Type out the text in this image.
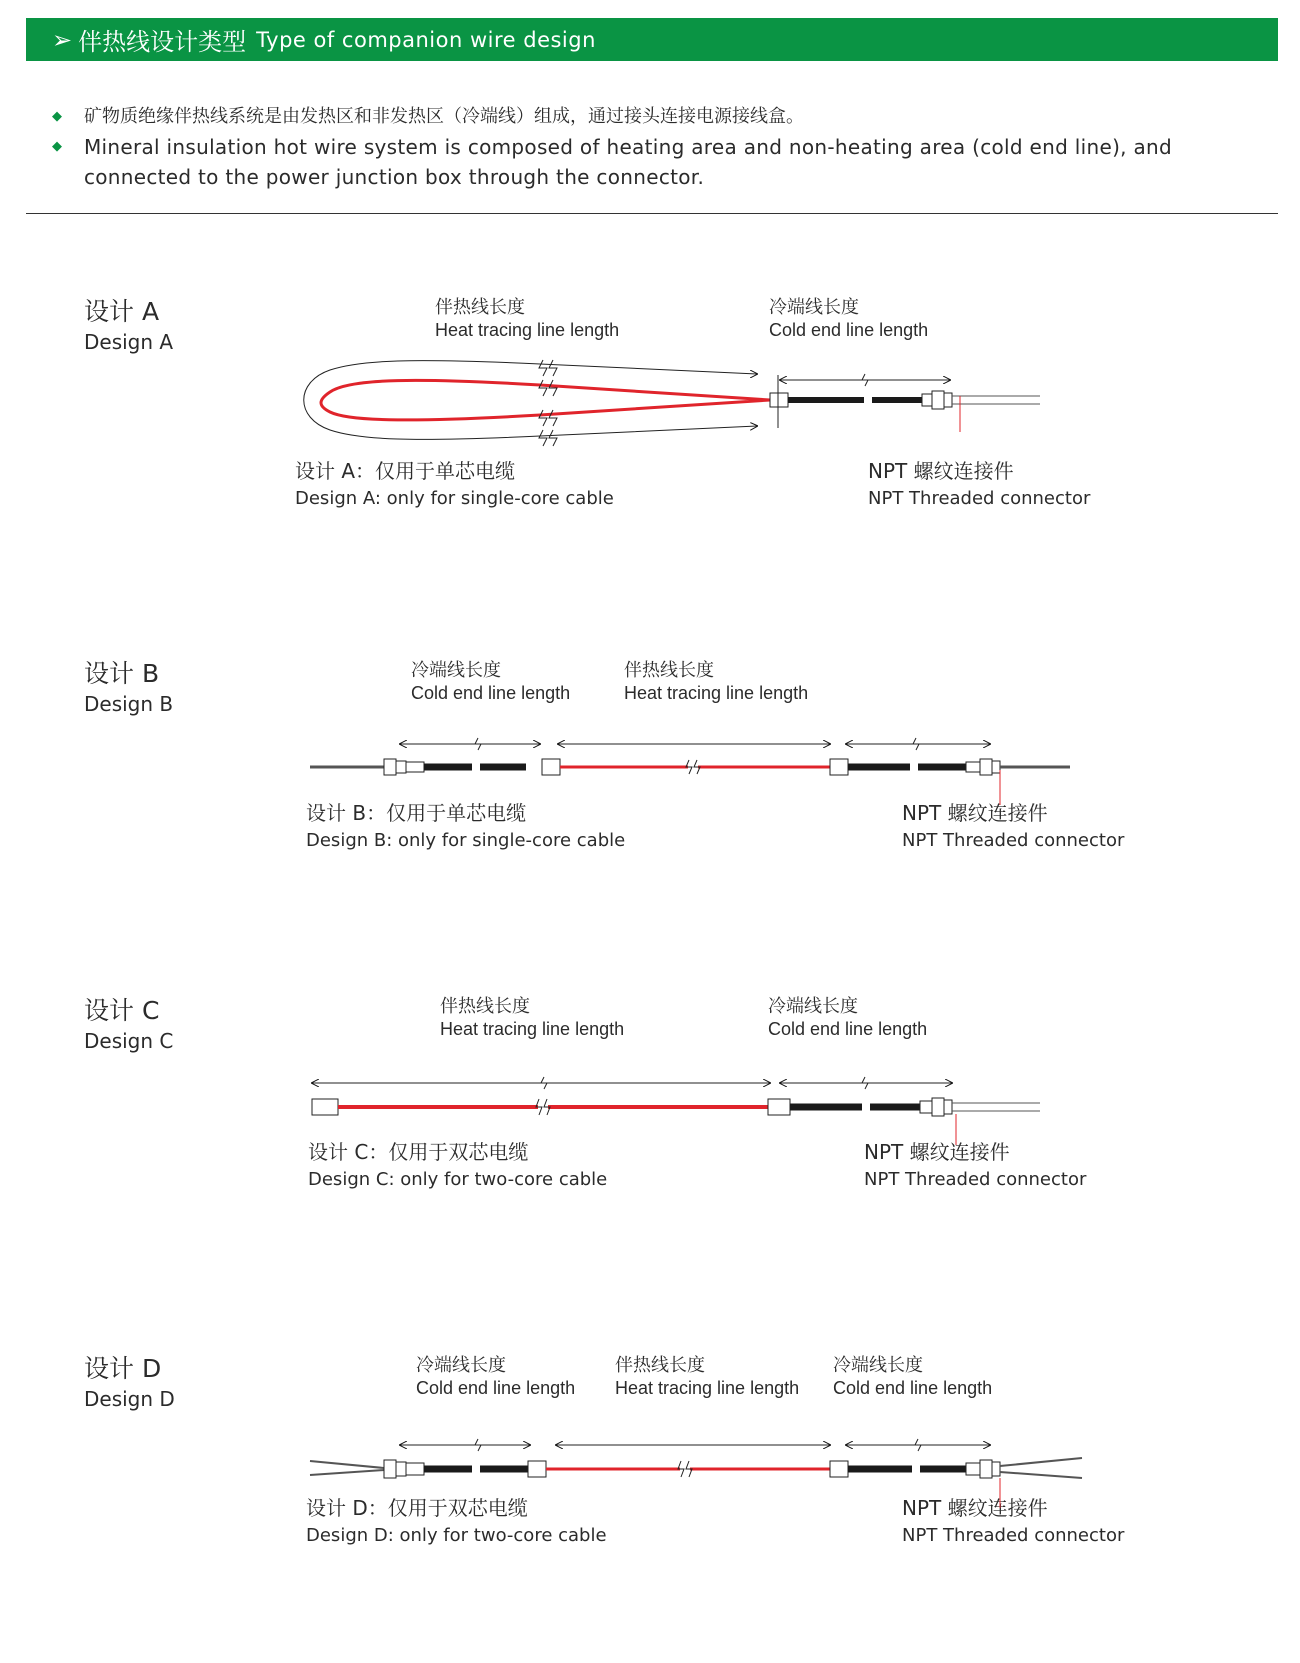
➢ 伴热线设计类型 Type of companion wire design
◆	矿物质绝缘伴热线系统是由发热区和非发热区（冷端线）组成，通过接头连接电源接线盒。
◆	Mineral insulation hot wire system is composed of heating area and non-heating area (cold end line), and connected to the power junction box through the connector.
设计 A
Design A
伴热线长度
Heat tracing line length
冷端线长度
Cold end line length
设计 A：仅用于单芯电缆
Design A: only for single-core cable
NPT 螺纹连接件
NPT Threaded connector
设计 B
Design B
冷端线长度
Cold end line length
伴热线长度
Heat tracing line length
设计 B：仅用于单芯电缆
Design B: only for single-core cable
NPT 螺纹连接件
NPT Threaded connector
设计 C
Design C
伴热线长度
Heat tracing line length
冷端线长度
Cold end line length
设计 C：仅用于双芯电缆
Design C: only for two-core cable
NPT 螺纹连接件
NPT Threaded connector
设计 D
Design D
冷端线长度
Cold end line length
伴热线长度
Heat tracing line length
冷端线长度
Cold end line length
设计 D：仅用于双芯电缆
Design D: only for two-core cable
NPT 螺纹连接件
NPT Threaded connector
